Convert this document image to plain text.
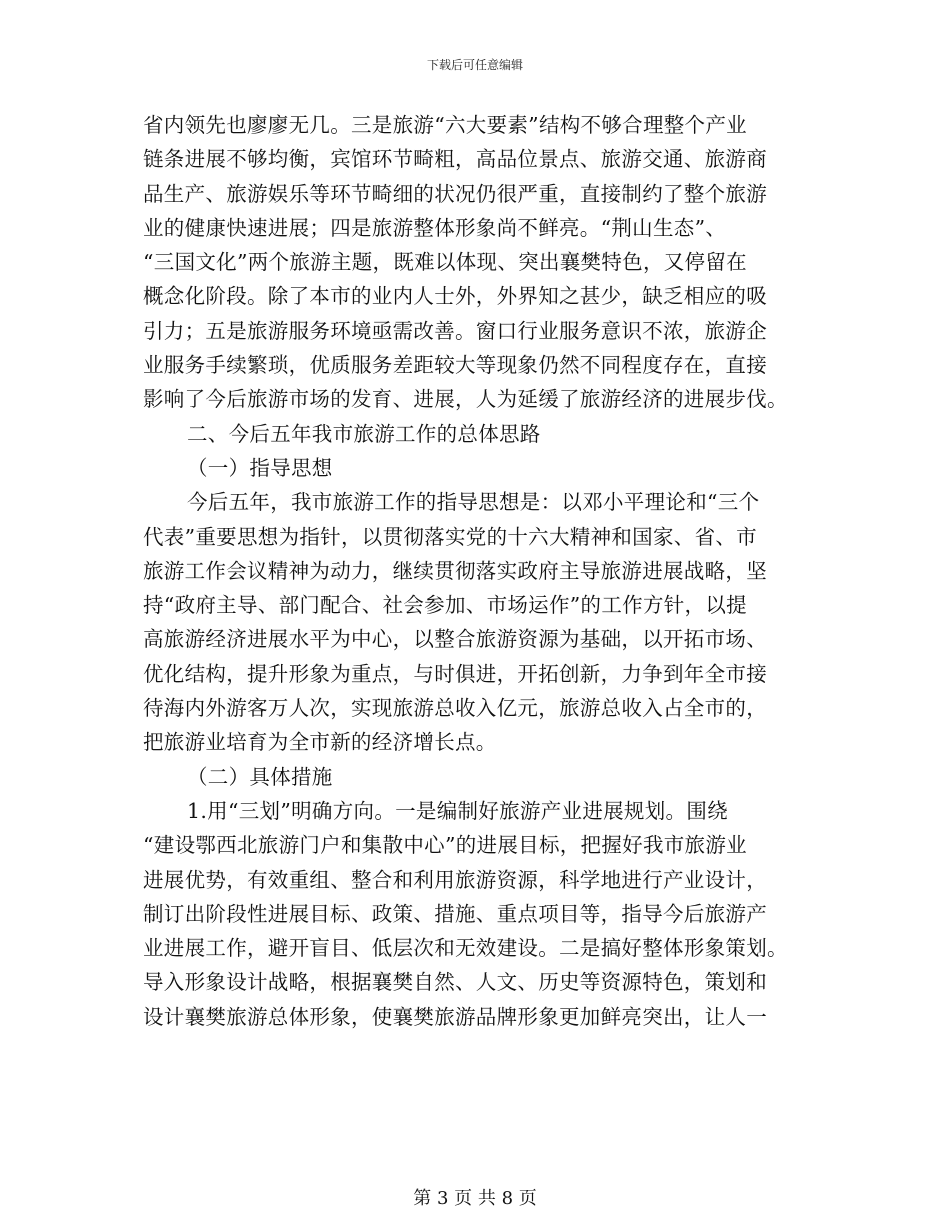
下载后可任意编辑
省内领先也廖廖无几。三是旅游“六大要素”结构不够合理整个产业
链条进展不够均衡，宾馆环节畸粗，高品位景点、旅游交通、旅游商
品生产、旅游娱乐等环节畸细的状况仍很严重，直接制约了整个旅游
业的健康快速进展；四是旅游整体形象尚不鲜亮。“荆山生态”、
“三国文化”两个旅游主题，既难以体现、突出襄樊特色，又停留在
概念化阶段。除了本市的业内人士外，外界知之甚少，缺乏相应的吸
引力；五是旅游服务环境亟需改善。窗口行业服务意识不浓，旅游企
业服务手续繁琐，优质服务差距较大等现象仍然不同程度存在，直接
影响了今后旅游市场的发育、进展，人为延缓了旅游经济的进展步伐。
二、今后五年我市旅游工作的总体思路
（一）指导思想
今后五年，我市旅游工作的指导思想是：以邓小平理论和“三个
代表”重要思想为指针，以贯彻落实党的十六大精神和国家、省、市
旅游工作会议精神为动力，继续贯彻落实政府主导旅游进展战略，坚
持“政府主导、部门配合、社会参加、市场运作”的工作方针，以提
高旅游经济进展水平为中心，以整合旅游资源为基础，以开拓市场、
优化结构，提升形象为重点，与时俱进，开拓创新，力争到年全市接
待海内外游客万人次，实现旅游总收入亿元，旅游总收入占全市的，
把旅游业培育为全市新的经济增长点。
（二）具体措施
1.用“三划”明确方向。一是编制好旅游产业进展规划。围绕
“建设鄂西北旅游门户和集散中心”的进展目标，把握好我市旅游业
进展优势，有效重组、整合和利用旅游资源，科学地进行产业设计，
制订出阶段性进展目标、政策、措施、重点项目等，指导今后旅游产
业进展工作，避开盲目、低层次和无效建设。二是搞好整体形象策划。
导入形象设计战略，根据襄樊自然、人文、历史等资源特色，策划和
设计襄樊旅游总体形象，使襄樊旅游品牌形象更加鲜亮突出，让人一
第 3 页 共 8 页
